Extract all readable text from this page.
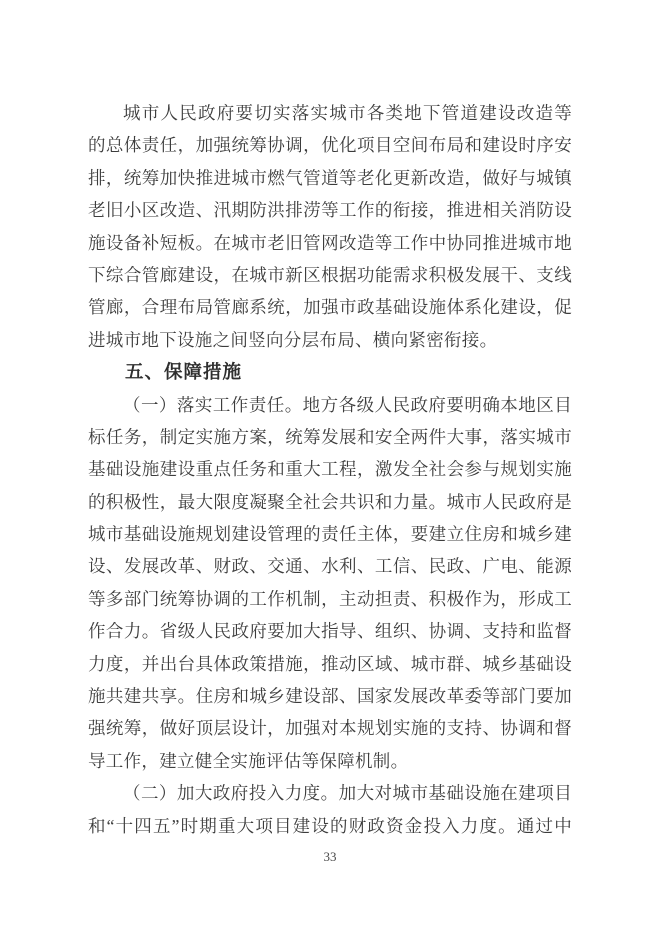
城市人民政府要切实落实城市各类地下管道建设改造等
的总体责任，加强统筹协调，优化项目空间布局和建设时序安
排，统筹加快推进城市燃气管道等老化更新改造，做好与城镇
老旧小区改造、汛期防洪排涝等工作的衔接，推进相关消防设
施设备补短板。在城市老旧管网改造等工作中协同推进城市地
下综合管廊建设，在城市新区根据功能需求积极发展干、支线
管廊，合理布局管廊系统，加强市政基础设施体系化建设，促
进城市地下设施之间竖向分层布局、横向紧密衔接。
五、保障措施
（一）落实工作责任。地方各级人民政府要明确本地区目
标任务，制定实施方案，统筹发展和安全两件大事，落实城市
基础设施建设重点任务和重大工程，激发全社会参与规划实施
的积极性，最大限度凝聚全社会共识和力量。城市人民政府是
城市基础设施规划建设管理的责任主体，要建立住房和城乡建
设、发展改革、财政、交通、水利、工信、民政、广电、能源
等多部门统筹协调的工作机制，主动担责、积极作为，形成工
作合力。省级人民政府要加大指导、组织、协调、支持和监督
力度，并出台具体政策措施，推动区域、城市群、城乡基础设
施共建共享。住房和城乡建设部、国家发展改革委等部门要加
强统筹，做好顶层设计，加强对本规划实施的支持、协调和督
导工作，建立健全实施评估等保障机制。
（二）加大政府投入力度。加大对城市基础设施在建项目
和“十四五”时期重大项目建设的财政资金投入力度。通过中
33
